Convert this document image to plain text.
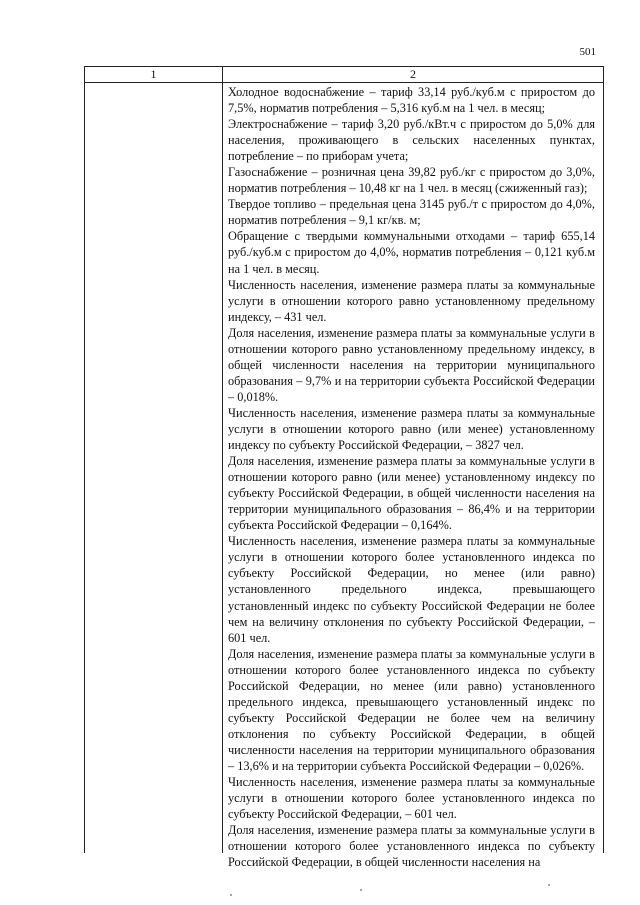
501
1	2

Холодное водоснабжение – тариф 33,14 руб./куб.м с приростом до 7,5%, норматив потребления – 5,316 куб.м на 1 чел. в месяц;

Электроснабжение – тариф 3,20 руб./кВт.ч с приростом до 5,0% для населения, проживающего в сельских населенных пунктах, потребление – по приборам учета;

Газоснабжение – розничная цена 39,82 руб./кг с приростом до 3,0%, норматив потребления – 10,48 кг на 1 чел. в месяц (сжиженный газ);

Твердое топливо – предельная цена 3145 руб./т с приростом до 4,0%, норматив потребления – 9,1 кг/кв. м;

Обращение с твердыми коммунальными отходами – тариф 655,14 руб./куб.м с приростом до 4,0%, норматив потребления – 0,121 куб.м на 1 чел. в месяц.

Численность населения, изменение размера платы за коммунальные услуги в отношении которого равно установленному предельному индексу, – 431 чел.

Доля населения, изменение размера платы за коммунальные услуги в отношении которого равно установленному предельному индексу, в общей численности населения на территории муниципального образования – 9,7% и на территории субъекта Российской Федерации – 0,018%.

Численность населения, изменение размера платы за коммунальные услуги в отношении которого равно (или менее) установленному индексу по субъекту Российской Федерации, – 3827 чел.

Доля населения, изменение размера платы за коммунальные услуги в отношении которого равно (или менее) установленному индексу по субъекту Российской Федерации, в общей численности населения на территории муниципального образования – 86,4% и на территории субъекта Российской Федерации – 0,164%.

Численность населения, изменение размера платы за коммунальные услуги в отношении которого более установленного индекса по субъекту Российской Федерации, но менее (или равно) установленного предельного индекса, превышающего установленный индекс по субъекту Российской Федерации не более чем на величину отклонения по субъекту Российской Федерации, – 601 чел.

Доля населения, изменение размера платы за коммунальные услуги в отношении которого более установленного индекса по субъекту Российской Федерации, но менее (или равно) установленного предельного индекса, превышающего установленный индекс по субъекту Российской Федерации не более чем на величину отклонения по субъекту Российской Федерации, в общей численности населения на территории муниципального образования – 13,6% и на территории субъекта Российской Федерации – 0,026%.

Численность населения, изменение размера платы за коммунальные услуги в отношении которого более установленного индекса по субъекту Российской Федерации, – 601 чел.

Доля населения, изменение размера платы за коммунальные услуги в отношении которого более установленного индекса по субъекту Российской Федерации, в общей численности населения на
